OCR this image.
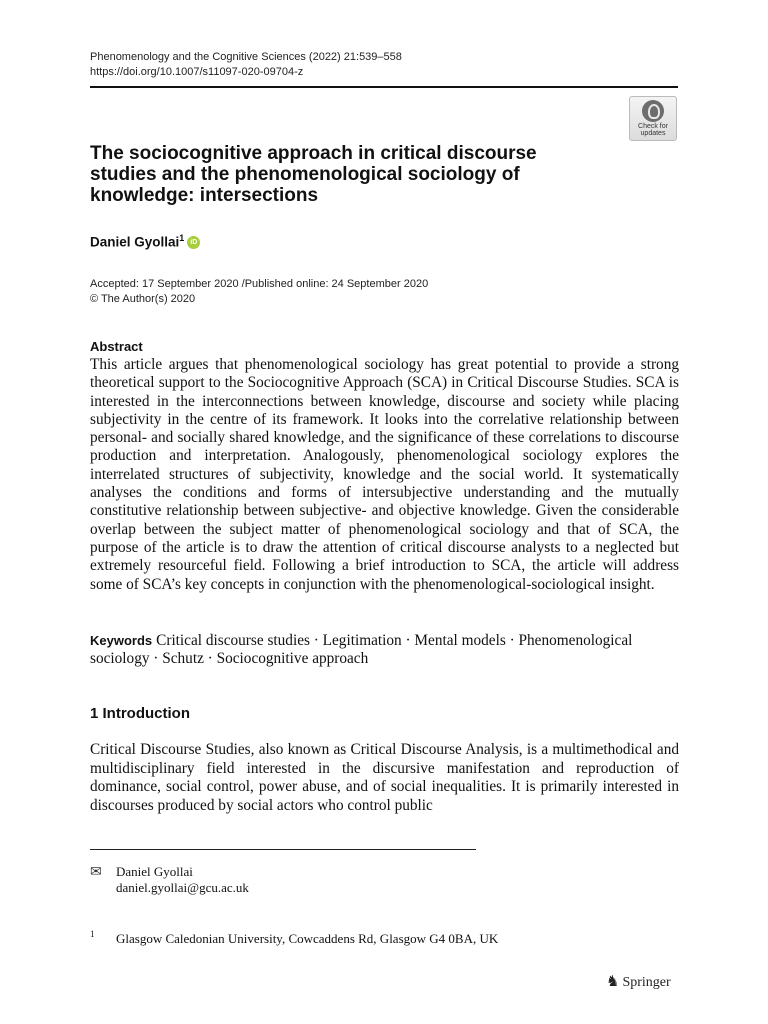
Phenomenology and the Cognitive Sciences (2022) 21:539–558
https://doi.org/10.1007/s11097-020-09704-z
Check for
updates
The sociocognitive approach in critical discourse studies and the phenomenological sociology of knowledge: intersections
Daniel Gyollai$^1$ iD
Accepted: 17 September 2020 /Published online: 24 September 2020
© The Author(s) 2020
Abstract

This article argues that phenomenological sociology has great potential to provide a strong theoretical support to the Sociocognitive Approach (SCA) in Critical Discourse Studies. SCA is interested in the interconnections between knowledge, discourse and society while placing subjectivity in the centre of its framework. It looks into the correlative relationship between personal- and socially shared knowledge, and the significance of these correlations to discourse production and interpretation. Analogously, phenomenological sociology explores the interrelated structures of subjectivity, knowledge and the social world. It systematically analyses the conditions and forms of intersubjective understanding and the mutually constitutive relationship between subjective- and objective knowledge. Given the considerable overlap between the subject matter of phenomenological sociology and that of SCA, the purpose of the article is to draw the attention of critical discourse analysts to a neglected but extremely resourceful field. Following a brief introduction to SCA, the article will address some of SCA’s key concepts in conjunction with the phenomenological-sociological insight.

Keywords Critical discourse studies · Legitimation · Mental models · Phenomenological sociology · Schutz · Sociocognitive approach
1 Introduction

Critical Discourse Studies, also known as Critical Discourse Analysis, is a multimethodical and multidisciplinary field interested in the discursive manifestation and reproduction of dominance, social control, power abuse, and of social inequalities. It is primarily interested in discourses produced by social actors who control public

✉ Daniel Gyollai
daniel.gyollai@gcu.ac.uk
1 Glasgow Caledonian University, Cowcaddens Rd, Glasgow G4 0BA, UK
♞ Springer
